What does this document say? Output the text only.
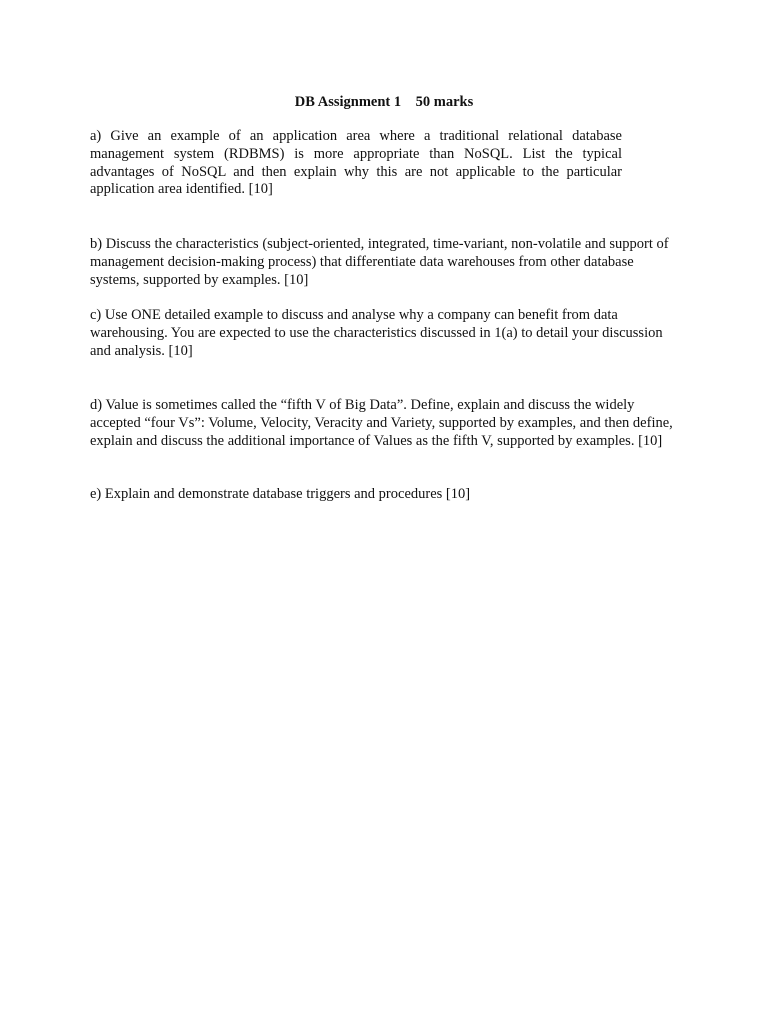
DB Assignment 1    50 marks

a) Give an example of an application area where a traditional relational database management system (RDBMS) is more appropriate than NoSQL. List the typical advantages of NoSQL and then explain why this are not applicable to the particular application area identified. [10]

b) Discuss the characteristics (subject-oriented, integrated, time-variant, non-volatile and support of management decision-making process) that differentiate data warehouses from other database systems, supported by examples. [10]

c) Use ONE detailed example to discuss and analyse why a company can benefit from data warehousing. You are expected to use the characteristics discussed in 1(a) to detail your discussion and analysis. [10]

d) Value is sometimes called the “fifth V of Big Data”. Define, explain and discuss the widely accepted “four Vs”: Volume, Velocity, Veracity and Variety, supported by examples, and then define, explain and discuss the additional importance of Values as the fifth V, supported by examples. [10]

e) Explain and demonstrate database triggers and procedures [10]
